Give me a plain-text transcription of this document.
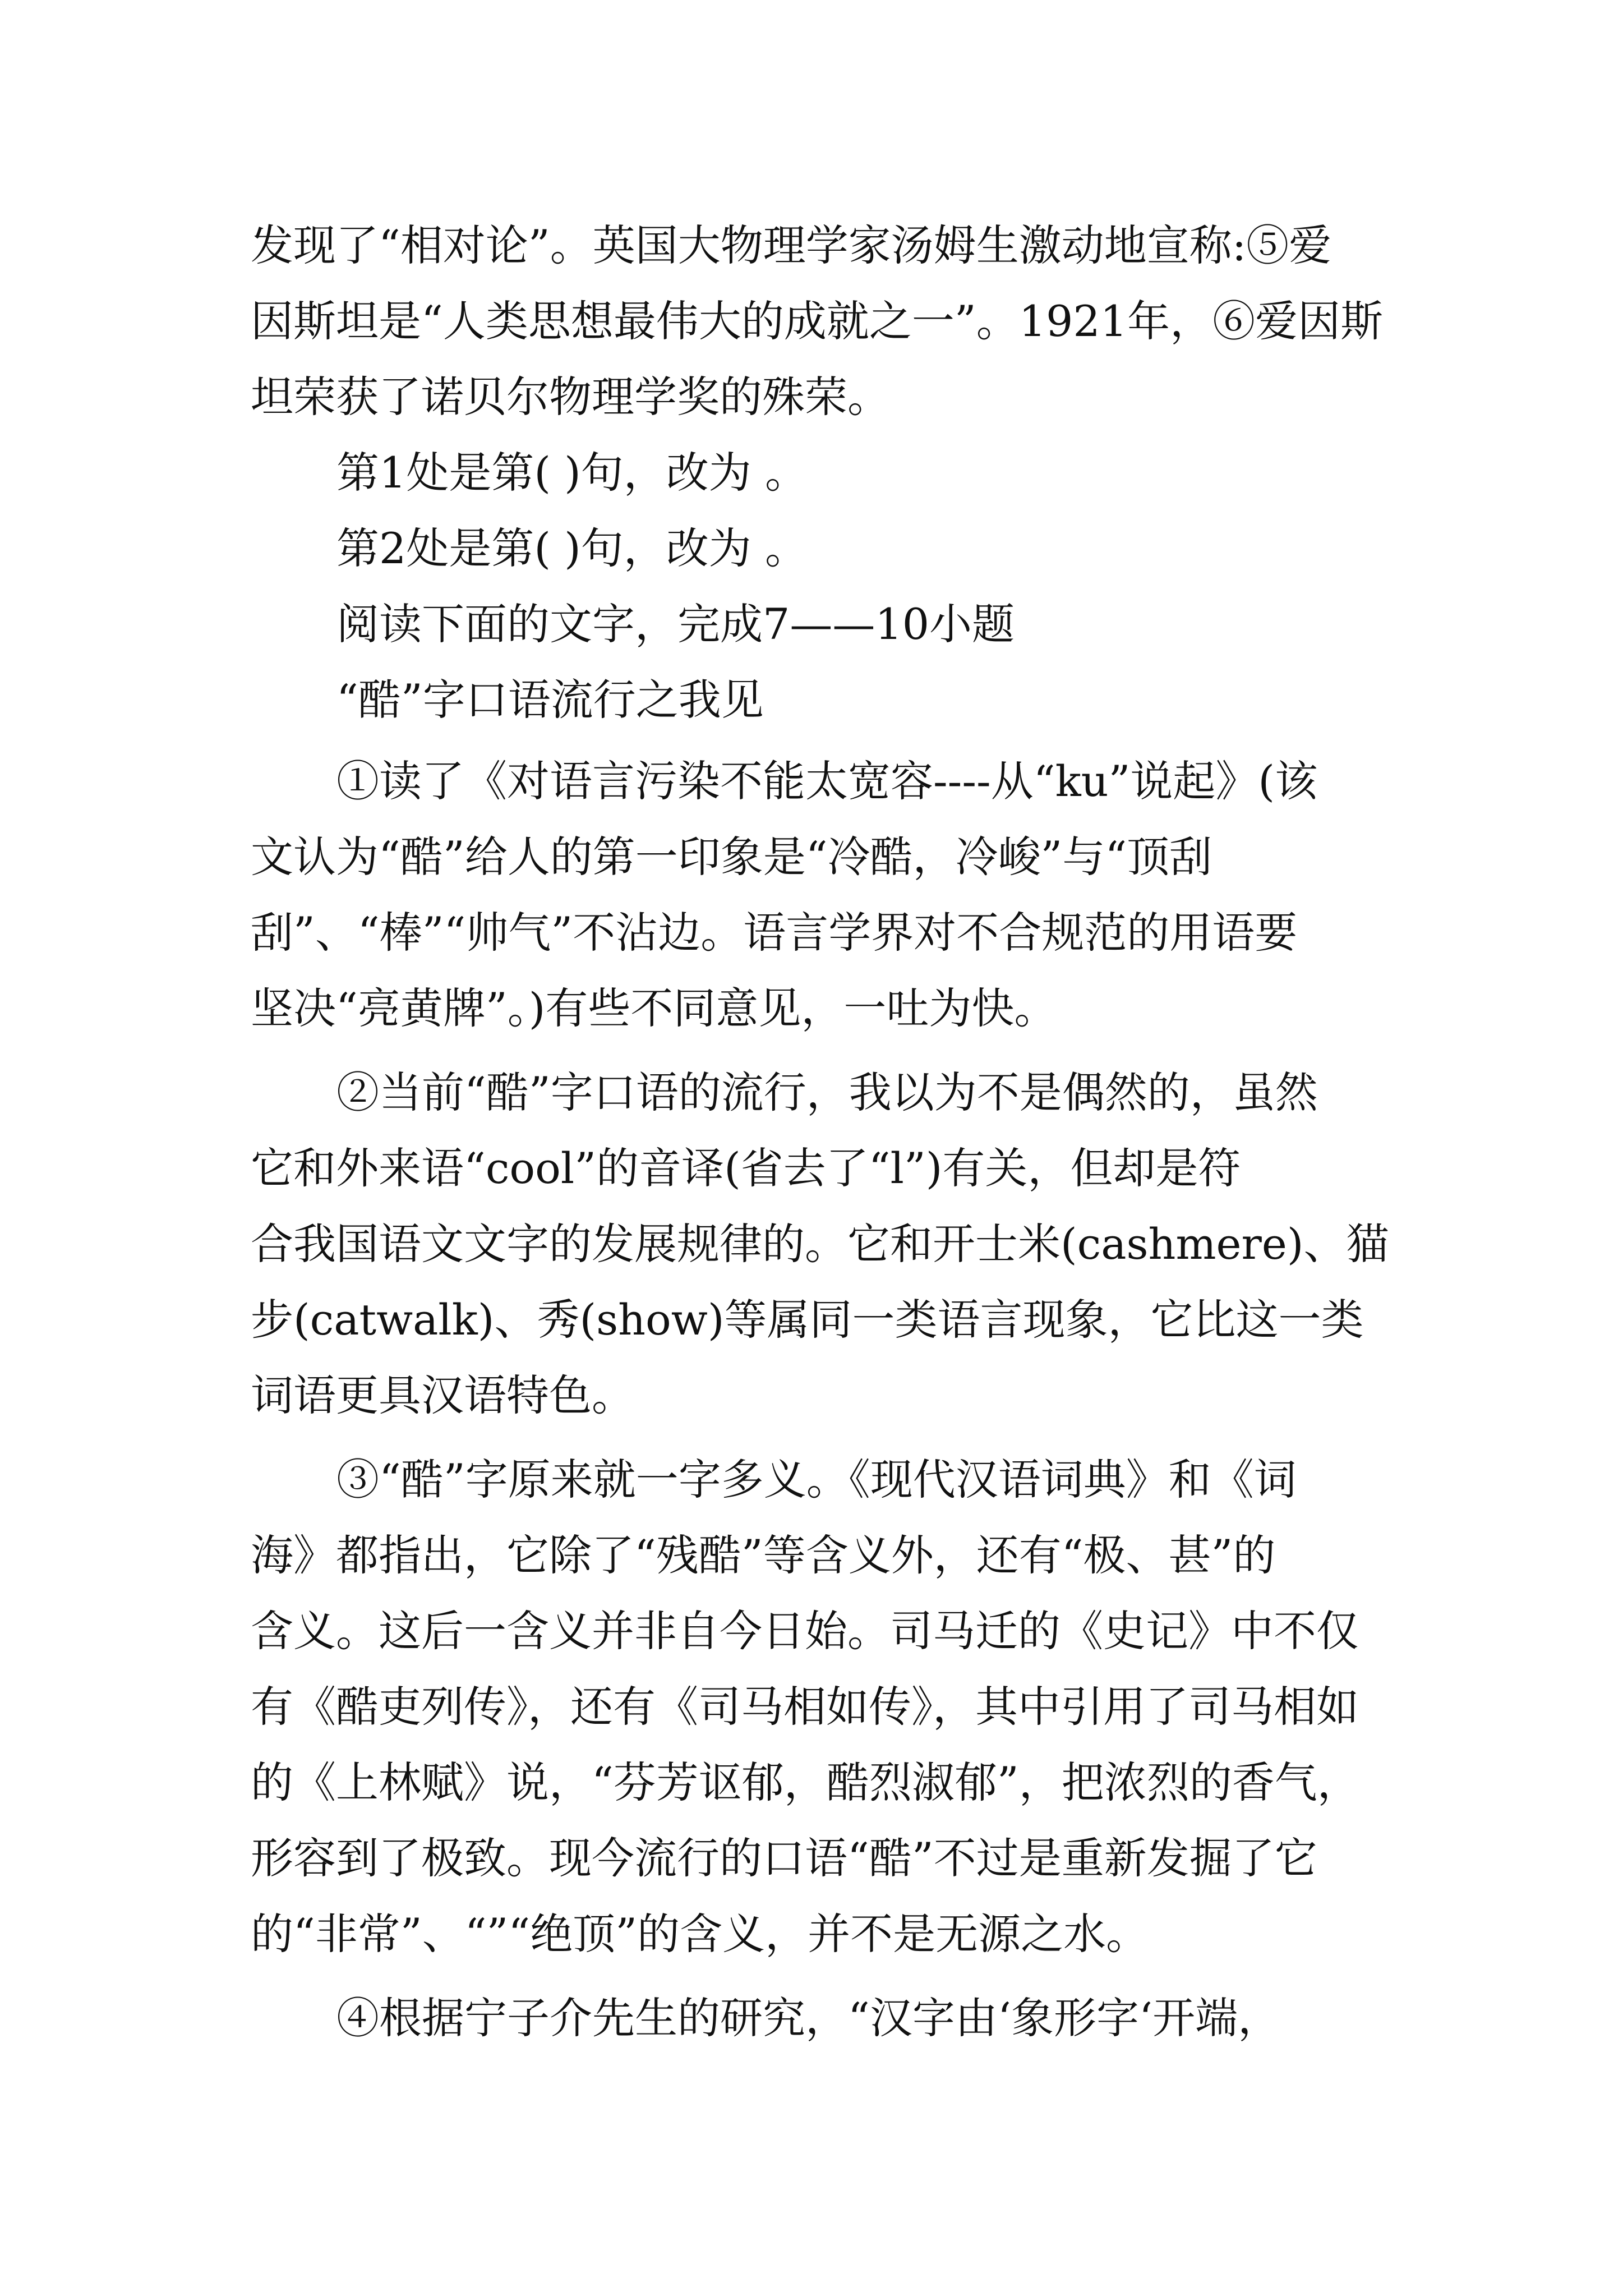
发现了“相对论”。英国大物理学家汤姆生激动地宣称:⑤爱
因斯坦是“人类思想最伟大的成就之一”。1921年，⑥爱因斯
坦荣获了诺贝尔物理学奖的殊荣。
第1处是第( )句，改为 。
第2处是第( )句，改为 。
阅读下面的文字，完成7——10小题
“酷”字口语流行之我见
①读了《对语言污染不能太宽容----从“ku”说起》(该
文认为“酷”给人的第一印象是“冷酷，冷峻”与“顶刮
刮”、“棒”“帅气”不沾边。语言学界对不合规范的用语要
坚决“亮黄牌”。)有些不同意见，一吐为快。
②当前“酷”字口语的流行，我以为不是偶然的，虽然
它和外来语“cool”的音译(省去了“l”)有关，但却是符
合我国语文文字的发展规律的。它和开士米(cashmere)、猫
步(catwalk)、秀(show)等属同一类语言现象，它比这一类
词语更具汉语特色。
③“酷”字原来就一字多义。《现代汉语词典》和《词
海》都指出，它除了“残酷”等含义外，还有“极、甚”的
含义。这后一含义并非自今日始。司马迁的《史记》中不仅
有《酷吏列传》，还有《司马相如传》，其中引用了司马相如
的《上林赋》说，“芬芳讴郁，酷烈淑郁”，把浓烈的香气，
形容到了极致。现今流行的口语“酷”不过是重新发掘了它
的“非常”、“”“绝顶”的含义，并不是无源之水。
④根据宁子介先生的研究，“汉字由‘象形字‘开端，
